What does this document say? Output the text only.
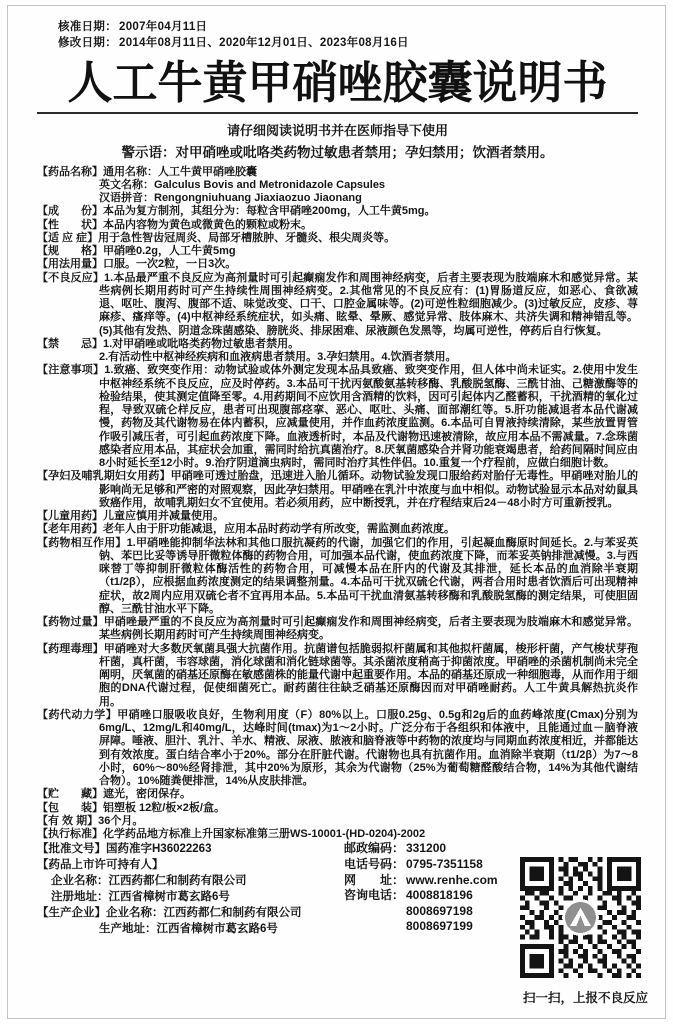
核准日期： 2007年04月11日
修改日期： 2014年08月11日、2020年12月01日、2023年08月16日
人工牛黄甲硝唑胶囊说明书
请仔细阅读说明书并在医师指导下使用
警示语：对甲硝唑或吡咯类药物过敏患者禁用；孕妇禁用；饮酒者禁用。
【药品名称】通用名称：人工牛黄甲硝唑胶囊
英文名称：Galculus Bovis and Metronidazole Capsules
汉语拼音：Rengongniuhuang Jiaxiaozuo Jiaonang
【成　　份】本品为复方制剂，其组分为：每粒含甲硝唑200mg，人工牛黄5mg。
【性　　状】本品内容物为黄色或微黄色的颗粒或粉末。
【适 应 症】用于急性智齿冠周炎、局部牙槽脓肿、牙髓炎、根尖周炎等。
【规　　格】甲硝唑0.2g，人工牛黄5mg
【用法用量】口服。一次2粒，一日3次。
【不良反应】1.本品最严重不良反应为高剂量时可引起癫痫发作和周围神经病变，后者主要表现为肢端麻木和感觉异常。某些病例长期用药时可产生持续性周围神经病变。2.其他常见的不良反应有：(1)胃肠道反应，如恶心、食欲减退、呕吐、腹泻、腹部不适、味觉改变、口干、口腔金属味等。(2)可逆性粒细胞减少。(3)过敏反应，皮疹、荨麻疹、瘙痒等。(4)中枢神经系统症状，如头痛、眩晕、晕厥、感觉异常、肢体麻木、共济失调和精神错乱等。(5)其他有发热、阴道念珠菌感染、膀胱炎、排尿困难、尿液颜色发黑等，均属可逆性，停药后自行恢复。
【禁　　忌】1.对甲硝唑或吡咯类药物过敏患者禁用。
2.有活动性中枢神经疾病和血液病患者禁用。3.孕妇禁用。4.饮酒者禁用。
【注意事项】1.致癌、致突变作用：动物试验或体外测定发现本品具致癌、致突变作用，但人体中尚未证实。2.使用中发生中枢神经系统不良反应，应及时停药。3.本品可干扰丙氨酸氨基转移酶、乳酸脱氢酶、三酰甘油、己糖激酶等的检验结果，使其测定值降至零。4.用药期间不应饮用含酒精的饮料，因可引起体内乙醛蓄积，干扰酒精的氧化过程，导致双硫仑样反应，患者可出现腹部痉挛、恶心、呕吐、头痛、面部潮红等。5.肝功能减退者本品代谢减慢，药物及其代谢物易在体内蓄积，应减量使用，并作血药浓度监测。6.本品可自胃液持续清除，某些放置胃管作吸引减压者，可引起血药浓度下降。血液透析时，本品及代谢物迅速被清除，故应用本品不需减量。7.念珠菌感染者应用本品，其症状会加重，需同时给抗真菌治疗。8.厌氧菌感染合并肾功能衰竭患者，给药间隔时间应由8小时延长至12小时。9.治疗阴道滴虫病时，需同时治疗其性伴侣。10.重复一个疗程前，应做白细胞计数。
【孕妇及哺乳期妇女用药】甲硝唑可透过胎盘，迅速进入胎儿循环。动物试验发现口服给药对胎仔无毒性。甲硝唑对胎儿的影响尚无足够和严密的对照观察，因此孕妇禁用。甲硝唑在乳汁中浓度与血中相似。动物试验显示本品对幼鼠具致癌作用，故哺乳期妇女不宜使用。若必须用药，应中断授乳，并在疗程结束后24－48小时方可重新授乳。
【儿童用药】儿童应慎用并减量使用。
【老年用药】老年人由于肝功能减退，应用本品时药动学有所改变，需监测血药浓度。
【药物相互作用】1.甲硝唑能抑制华法林和其他口服抗凝药的代谢，加强它们的作用，引起凝血酶原时间延长。2.与苯妥英钠、苯巴比妥等诱导肝微粒体酶的药物合用，可加强本品代谢，使血药浓度下降，而苯妥英钠排泄减慢。3.与西咪替丁等抑制肝微粒体酶活性的药物合用，可减慢本品在肝内的代谢及其排泄，延长本品的血消除半衰期（t1/2β），应根据血药浓度测定的结果调整剂量。4.本品可干扰双硫仑代谢，两者合用时患者饮酒后可出现精神症状，故2周内应用双硫仑者不宜再用本品。5.本品可干扰血清氨基转移酶和乳酸脱氢酶的测定结果，可使胆固醇、三酰甘油水平下降。
【药物过量】甲硝唑最严重的不良反应为高剂量时可引起癫痫发作和周围神经病变，后者主要表现为肢端麻木和感觉异常。某些病例长期用药时可产生持续周围神经病变。
【药理毒理】甲硝唑对大多数厌氧菌具强大抗菌作用。抗菌谱包括脆弱拟杆菌属和其他拟杆菌属，梭形杆菌，产气梭状芽孢杆菌，真杆菌，韦容球菌，消化球菌和消化链球菌等。其杀菌浓度稍高于抑菌浓度。甲硝唑的杀菌机制尚未完全阐明，厌氧菌的硝基还原酶在敏感菌株的能量代谢中起重要作用。本品的硝基还原成一种细胞毒，从而作用于细胞的DNA代谢过程，促使细菌死亡。耐药菌往往缺乏硝基还原酶因而对甲硝唑耐药。人工牛黄具解热抗炎作用。
【药代动力学】甲硝唑口服吸收良好，生物利用度（F）80%以上。口服0.25g、0.5g和2g后的血药峰浓度(Cmax)分别为6mg/L、12mg/L和40mg/L，达峰时间(tmax)为1～2小时。广泛分布于各组织和体液中，且能通过血－脑脊液屏障。唾液、胆汁、乳汁、羊水、精液、尿液、脓液和脑脊液等中药物的浓度均与同期血药浓度相近，并都能达到有效浓度。蛋白结合率小于20%。部分在肝脏代谢。代谢物也具有抗菌作用。血消除半衰期（t1/2β）为7～8小时，60%～80%经肾排泄，其中20%为原形，其余为代谢物（25%为葡萄糖醛酸结合物，14%为其他代谢结合物）。10%随粪便排泄，14%从皮肤排泄。
【贮　　藏】遮光，密闭保存。
【包　　装】铝塑板 12粒/板×2板/盒。
【有 效 期】36个月。
【执行标准】化学药品地方标准上升国家标准第三册WS-10001-(HD-0204)-2002
【批准文号】国药准字H36022263
【药品上市许可持有人】
企业名称：江西药都仁和制药有限公司
注册地址：江西省樟树市葛玄路6号
【生产企业】企业名称：江西药都仁和制药有限公司
生产地址：江西省樟树市葛玄路6号
邮政编码： 331200
电话号码： 0795-7351158
网　　址： www.renhe.com
咨询电话： 4008818196
8008697198
8008697199
扫一扫，上报不良反应
